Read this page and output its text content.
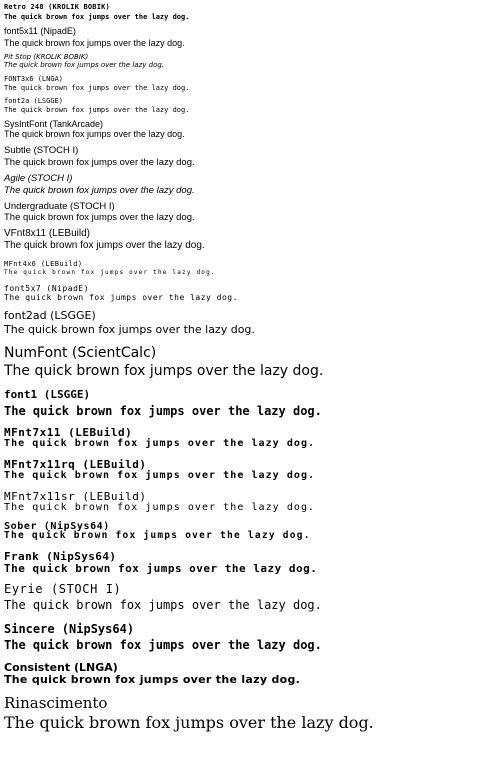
Retro 248 (KROLIK BOBIK)
The quick brown fox jumps over the lazy dog.
font5x11 (NipadE)
The quick brown fox jumps over the lazy dog.
Pit Stop (KROLIK BOBIK)
The quick brown fox jumps over the lazy dog.
FONT3x6 (LNGA)
The quick brown fox jumps over the lazy dog.
font2a (LSGGE)
The quick brown fox jumps over the lazy dog.
SysIntFont (TankArcade)
The quick brown fox jumps over the lazy dog.
Subtle (STOCH I)
The quick brown fox jumps over the lazy dog.
Agile (STOCH I)
The quick brown fox jumps over the lazy dog.
Undergraduate (STOCH I)
The quick brown fox jumps over the lazy dog.
VFnt8x11 (LEBuild)
The quick brown fox jumps over the lazy dog.
MFnt4x6 (LEBuild)
The quick brown fox jumps over the lazy dog.
font5x7 (NipadE)
The quick brown fox jumps over the lazy dog.
font2ad (LSGGE)
The quick brown fox jumps over the lazy dog.
NumFont (ScientCalc)
The quick brown fox jumps over the lazy dog.
font1 (LSGGE)
The quick brown fox jumps over the lazy dog.
MFnt7x11 (LEBuild)
The quick brown fox jumps over the lazy dog.
MFnt7x11rq (LEBuild)
The quick brown fox jumps over the lazy dog.
MFnt7x11sr (LEBuild)
The quick brown fox jumps over the lazy dog.
Sober (NipSys64)
The quick brown fox jumps over the lazy dog.
Frank (NipSys64)
The quick brown fox jumps over the lazy dog.
Eyrie (STOCH I)
The quick brown fox jumps over the lazy dog.
Sincere (NipSys64)
The quick brown fox jumps over the lazy dog.
Consistent (LNGA)
The quick brown fox jumps over the lazy dog.
Rinascimento
The quick brown fox jumps over the lazy dog.
